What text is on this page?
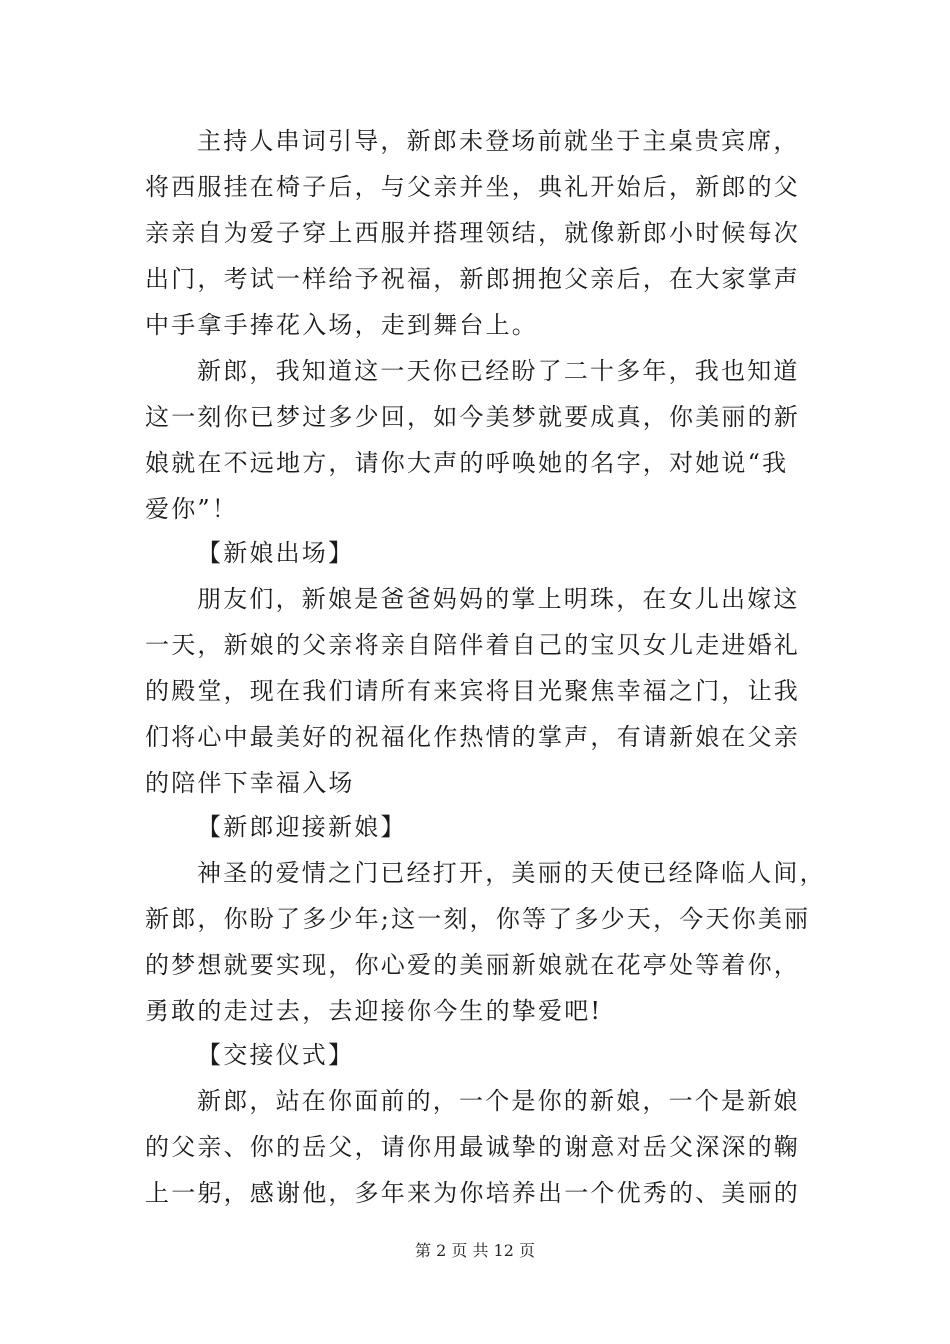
主持人串词引导，新郎未登场前就坐于主桌贵宾席，
将西服挂在椅子后，与父亲并坐，典礼开始后，新郎的父
亲亲自为爱子穿上西服并搭理领结，就像新郎小时候每次
出门，考试一样给予祝福，新郎拥抱父亲后，在大家掌声
中手拿手捧花入场，走到舞台上。
新郎，我知道这一天你已经盼了二十多年，我也知道
这一刻你已梦过多少回，如今美梦就要成真，你美丽的新
娘就在不远地方，请你大声的呼唤她的名字，对她说“我
爱你”！
【新娘出场】
朋友们，新娘是爸爸妈妈的掌上明珠，在女儿出嫁这
一天，新娘的父亲将亲自陪伴着自己的宝贝女儿走进婚礼
的殿堂，现在我们请所有来宾将目光聚焦幸福之门，让我
们将心中最美好的祝福化作热情的掌声，有请新娘在父亲
的陪伴下幸福入场
【新郎迎接新娘】
神圣的爱情之门已经打开，美丽的天使已经降临人间，
新郎，你盼了多少年;这一刻，你等了多少天，今天你美丽
的梦想就要实现，你心爱的美丽新娘就在花亭处等着你，
勇敢的走过去，去迎接你今生的挚爱吧!
【交接仪式】
新郎，站在你面前的，一个是你的新娘，一个是新娘
的父亲、你的岳父，请你用最诚挚的谢意对岳父深深的鞠
上一躬，感谢他，多年来为你培养出一个优秀的、美丽的
第 2 页 共 12 页
